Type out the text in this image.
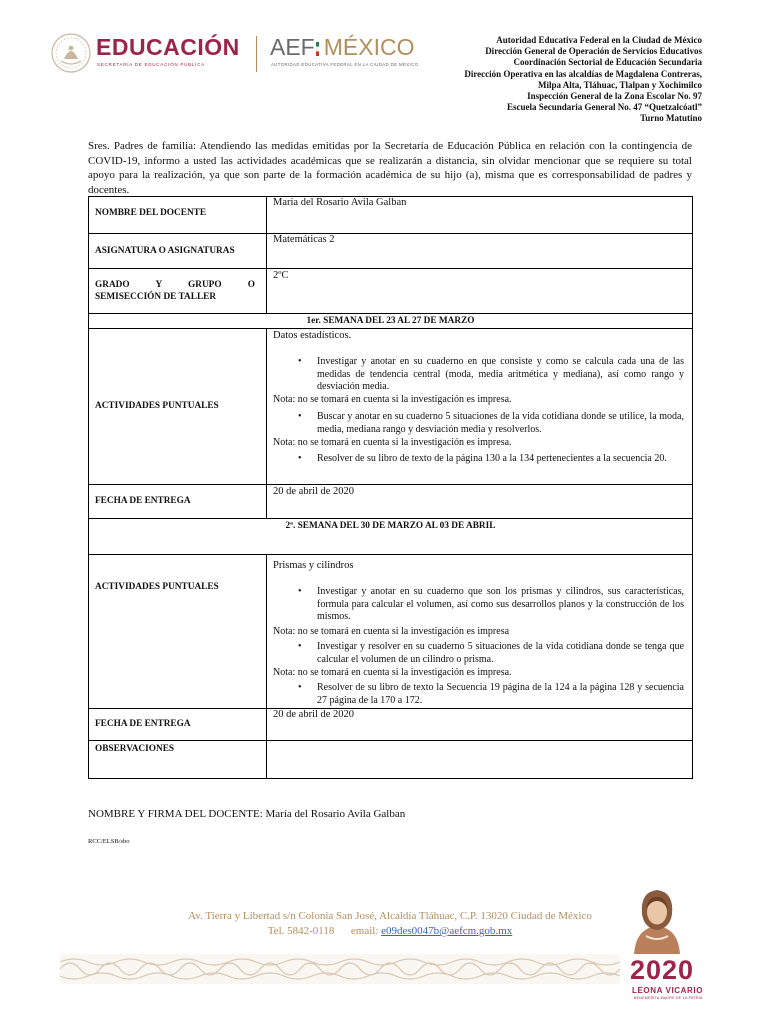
EDUCACIÓN
SECRETARÍA DE EDUCACIÓN PÚBLICA
AEF MÉXICO
AUTORIDAD EDUCATIVA FEDERAL EN LA CIUDAD DE MÉXICO
Autoridad Educativa Federal en la Ciudad de México
Dirección General de Operación de Servicios Educativos
Coordinación Sectorial de Educación Secundaria
Dirección Operativa en las alcaldías de Magdalena Contreras,
Milpa Alta, Tláhuac, Tlalpan y Xochimilco
Inspección General de la Zona Escolar No. 97
Escuela Secundaria General No. 47 “Quetzalcóatl”
Turno Matutino
Sres. Padres de familia: Atendiendo las medidas emitidas por la Secretaría de Educación Pública en relación con la contingencia de COVID-19, informo a usted las actividades académicas que se realizarán a distancia, sin olvidar mencionar que se requiere su total apoyo para la realización, ya que son parte de la formación académica de su hijo (a), misma que es corresponsabilidad de padres y docentes.
NOMBRE DEL DOCENTE
María del Rosario Avila Galban
ASIGNATURA O ASIGNATURAS
Matemáticas 2
GRADO Y GRUPO O
SEMISECCIÓN DE TALLER
2ºC
1er. SEMANA DEL 23 AL 27 DE MARZO
ACTIVIDADES PUNTUALES
Datos estadísticos.
• Investigar y anotar en su cuaderno en que consiste y como se calcula cada una de las medidas de tendencia central (moda, media aritmética y mediana), así como rango y desviación media.
Nota: no se tomará en cuenta si la investigación es impresa.
• Buscar y anotar en su cuaderno 5 situaciones de la vida cotidiana donde se utilice, la moda, media, mediana rango y desviación media y resolverlos.
Nota: no se tomará en cuenta si la investigación es impresa.
• Resolver de su libro de texto de la página 130 a la 134 pertenecientes a la secuencia 20.
FECHA DE ENTREGA
20 de abril de 2020
2ª. SEMANA DEL 30 DE MARZO AL 03 DE ABRIL
ACTIVIDADES PUNTUALES
Prismas y cilindros
• Investigar y anotar en su cuaderno que son los prismas y cilindros, sus características, formula para calcular el volumen, así como sus desarrollos planos y la construcción de los mismos.
Nota: no se tomará en cuenta si la investigación es impresa
• Investigar y resolver en su cuaderno 5 situaciones de la vida cotidiana donde se tenga que calcular el volumen de un cilindro o prisma.
Nota: no se tomará en cuenta si la investigación es impresa.
• Resolver de su libro de texto la Secuencia 19 página de la 124 a la página 128 y secuencia 27 página de la 170 a 172.
FECHA DE ENTREGA
20 de abril de 2020
OBSERVACIONES
NOMBRE Y FIRMA DEL DOCENTE: María del Rosario Avila Galban
RCC/ELSB/sbo
Av. Tierra y Libertad s/n Colonia San José, Alcaldía Tláhuac, C.P. 13020 Ciudad de México
Tel. 5842-0118 email: e09des0047b@aefcm.gob.mx
2020
LEONA VICARIO
BENEMÉRITA MADRE DE LA PATRIA
